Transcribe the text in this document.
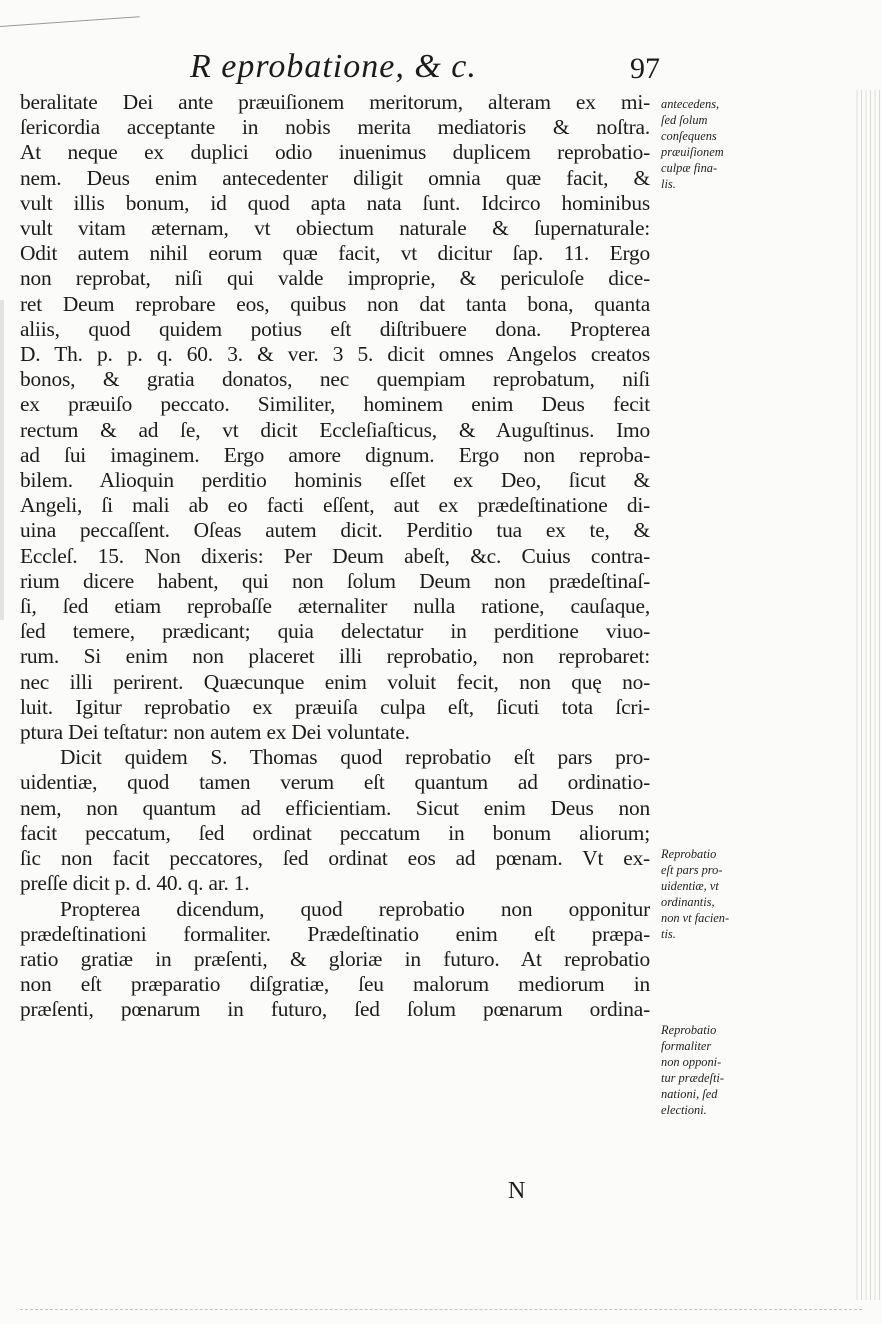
R eprobatione, & c.	97
beralitate Dei ante præuiſionem meritorum, alteram ex mi-
ſericordia acceptante in nobis merita mediatoris & noſtra.
At neque ex duplici odio inuenimus duplicem reprobatio-
nem. Deus enim antecedenter diligit omnia quæ facit, &
vult illis bonum, id quod apta nata ſunt. Idcirco hominibus
vult vitam æternam, vt obiectum naturale & ſupernaturale:
Odit autem nihil eorum quæ facit, vt dicitur ſap. 11. Ergo
non reprobat, niſi qui valde improprie, & periculoſe dice-
ret Deum reprobare eos, quibus non dat tanta bona, quanta
aliis, quod quidem potius eſt diſtribuere dona. Propterea
D. Th. p. p. q. 60. 3. & ver. 3 5. dicit omnes Angelos creatos
bonos, & gratia donatos, nec quempiam reprobatum, niſi
ex præuiſo peccato. Similiter, hominem enim Deus fecit
rectum & ad ſe, vt dicit Eccleſiaſticus, & Auguſtinus. Imo
ad ſui imaginem. Ergo amore dignum. Ergo non reproba-
bilem. Alioquin perditio hominis eſſet ex Deo, ſicut &
Angeli, ſi mali ab eo facti eſſent, aut ex prædeſtinatione di-
uina peccaſſent. Oſeas autem dicit. Perditio tua ex te, &
Eccleſ. 15. Non dixeris: Per Deum abeſt, &c. Cuius contra-
rium dicere habent, qui non ſolum Deum non prædeſtinaſ-
ſi, ſed etiam reprobaſſe æternaliter nulla ratione, cauſaque,
ſed temere, prædicant; quia delectatur in perditione viuo-
rum. Si enim non placeret illi reprobatio, non reprobaret:
nec illi perirent. Quæcunque enim voluit fecit, non quę no-
luit. Igitur reprobatio ex præuiſa culpa eſt, ſicuti tota ſcri-
ptura Dei teſtatur: non autem ex Dei voluntate.
Dicit quidem S. Thomas quod reprobatio eſt pars pro-
uidentiæ, quod tamen verum eſt quantum ad ordinatio-
nem, non quantum ad efficientiam. Sicut enim Deus non
facit peccatum, ſed ordinat peccatum in bonum aliorum;
ſic non facit peccatores, ſed ordinat eos ad pœnam. Vt ex-
preſſe dicit p. d. 40. q. ar. 1.
Propterea dicendum, quod reprobatio non opponitur
prædeſtinationi formaliter. Prædeſtinatio enim eſt præpa-
ratio gratiæ in præſenti, & gloriæ in futuro. At reprobatio
non eſt præparatio diſgratiæ, ſeu malorum mediorum in
præſenti, pœnarum in futuro, ſed ſolum pœnarum ordina-
antecedens,
ſed ſolum
conſequens
præuiſionem
culpæ fina-
lis.
Reprobatio
eſt pars pro-
uidentiæ, vt
ordinantis,
non vt facien-
tis.
Reprobatio
formaliter
non opponi-
tur prædeſti-
nationi, ſed
electioni.
N
